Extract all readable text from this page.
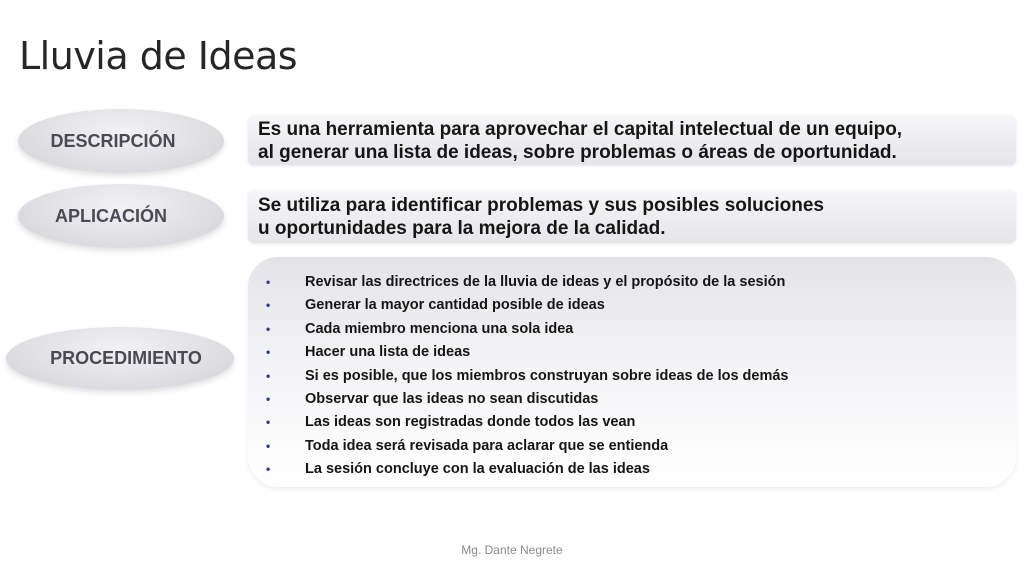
Lluvia de Ideas
DESCRIPCIÓN

Es una herramienta para aprovechar el capital intelectual de un equipo,
al generar una lista de ideas, sobre problemas o áreas de oportunidad.

APLICACIÓN	Se utiliza para identificar problemas y sus posibles soluciones
u oportunidades para la mejora de la calidad.

PROCEDIMIENTO
• Revisar las directrices de la lluvia de ideas y el propósito de la sesión
• Generar la mayor cantidad posible de ideas
• Cada miembro menciona una sola idea
• Hacer una lista de ideas
• Si es posible, que los miembros construyan sobre ideas de los demás
• Observar que las ideas no sean discutidas
• Las ideas son registradas donde todos las vean
• Toda idea será revisada para aclarar que se entienda
• La sesión concluye con la evaluación de las ideas
Mg. Dante Negrete
